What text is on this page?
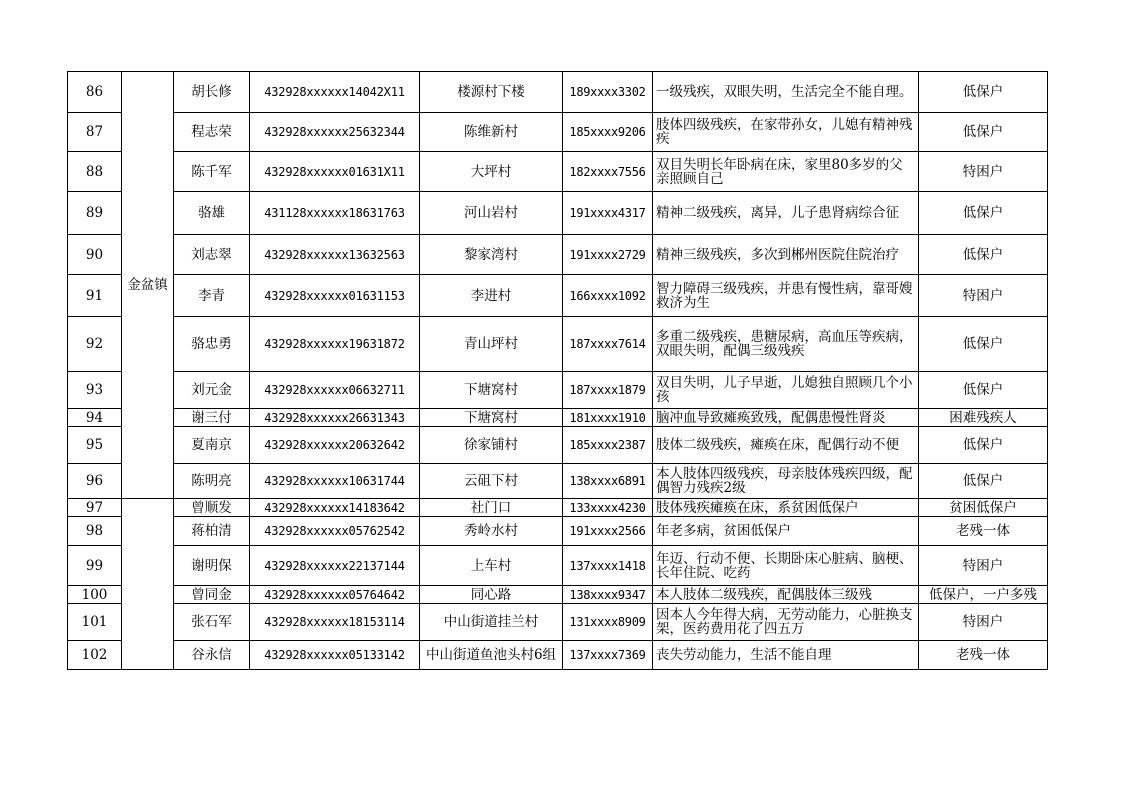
86	金盆镇	胡长修	432928xxxxxx14042X11	楼源村下楼	189xxxx3302	一级残疾，双眼失明，生活完全不能自理。	低保户
87		程志荣	432928xxxxxx25632344	陈维新村	185xxxx9206	肢体四级残疾，在家带孙女，儿媳有精神残疾	低保户
88		陈千军	432928xxxxxx01631X11	大坪村	182xxxx7556	双目失明长年卧病在床，家里80多岁的父亲照顾自己	特困户
89		骆雄	431128xxxxxx18631763	河山岩村	191xxxx4317	精神二级残疾，离异，儿子患肾病综合征	低保户
90		刘志翠	432928xxxxxx13632563	黎家湾村	191xxxx2729	精神三级残疾，多次到郴州医院住院治疗	低保户
91		李青	432928xxxxxx01631153	李进村	166xxxx1092	智力障碍三级残疾，并患有慢性病，靠哥嫂救济为生	特困户
92		骆忠勇	432928xxxxxx19631872	青山坪村	187xxxx7614	多重二级残疾，患糖尿病，高血压等疾病，双眼失明，配偶三级残疾	低保户
93		刘元金	432928xxxxxx06632711	下塘窝村	187xxxx1879	双目失明，儿子早逝，儿媳独自照顾几个小孩	低保户
94		谢三付	432928xxxxxx26631343	下塘窝村	181xxxx1910	脑冲血导致瘫痪致残，配偶患慢性肾炎	困难残疾人
95		夏南京	432928xxxxxx20632642	徐家铺村	185xxxx2387	肢体二级残疾，瘫痪在床，配偶行动不便	低保户
96		陈明亮	432928xxxxxx10631744	云砠下村	138xxxx6891	本人肢体四级残疾，母亲肢体残疾四级，配偶智力残疾2级	低保户
97		曾顺发	432928xxxxxx14183642	社门口	133xxxx4230	肢体残疾瘫痪在床，系贫困低保户	贫困低保户
98		蒋柏清	432928xxxxxx05762542	秀岭水村	191xxxx2566	年老多病，贫困低保户	老残一体
99		谢明保	432928xxxxxx22137144	上车村	137xxxx1418	年迈、行动不便、长期卧床心脏病、脑梗、长年住院、吃药	特困户
100		曾同金	432928xxxxxx05764642	同心路	138xxxx9347	本人肢体二级残疾，配偶肢体三级残	低保户，一户多残
101		张石军	432928xxxxxx18153114	中山街道挂兰村	131xxxx8909	因本人今年得大病，无劳动能力，心脏换支架，医药费用花了四五万	特困户
102		谷永信	432928xxxxxx05133142	中山街道鱼池头村6组	137xxxx7369	丧失劳动能力，生活不能自理	老残一体
